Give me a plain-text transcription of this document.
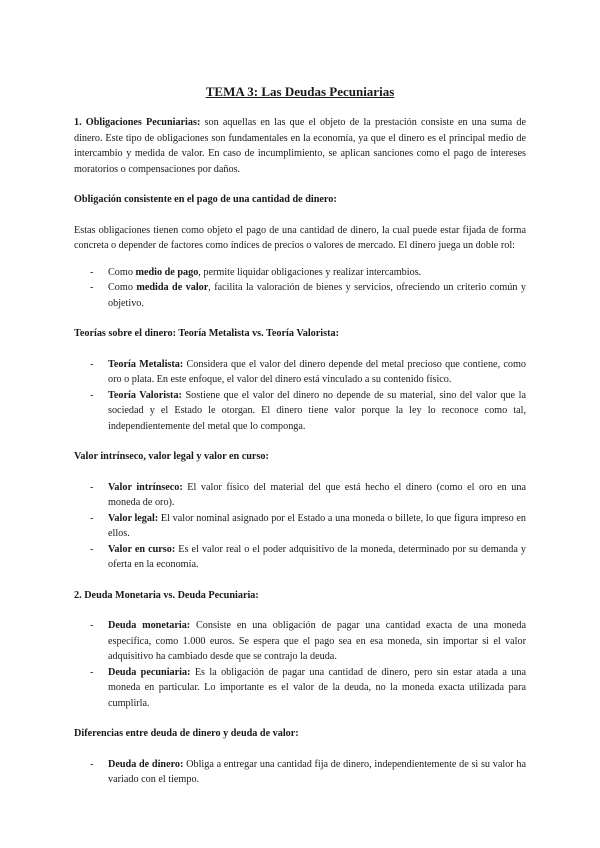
TEMA 3: Las Deudas Pecuniarias

1. Obligaciones Pecuniarias: son aquellas en las que el objeto de la prestación consiste en una suma de dinero. Este tipo de obligaciones son fundamentales en la economía, ya que el dinero es el principal medio de intercambio y medida de valor. En caso de incumplimiento, se aplican sanciones como el pago de intereses moratorios o compensaciones por daños.

Obligación consistente en el pago de una cantidad de dinero:

Estas obligaciones tienen como objeto el pago de una cantidad de dinero, la cual puede estar fijada de forma concreta o depender de factores como índices de precios o valores de mercado. El dinero juega un doble rol:

- Como medio de pago, permite liquidar obligaciones y realizar intercambios.
- Como medida de valor, facilita la valoración de bienes y servicios, ofreciendo un criterio común y objetivo.

Teorías sobre el dinero: Teoría Metalista vs. Teoría Valorista:

- Teoría Metalista: Considera que el valor del dinero depende del metal precioso que contiene, como oro o plata. En este enfoque, el valor del dinero está vinculado a su contenido físico.
- Teoría Valorista: Sostiene que el valor del dinero no depende de su material, sino del valor que la sociedad y el Estado le otorgan. El dinero tiene valor porque la ley lo reconoce como tal, independientemente del metal que lo componga.

Valor intrínseco, valor legal y valor en curso:

- Valor intrínseco: El valor físico del material del que está hecho el dinero (como el oro en una moneda de oro).
- Valor legal: El valor nominal asignado por el Estado a una moneda o billete, lo que figura impreso en ellos.
- Valor en curso: Es el valor real o el poder adquisitivo de la moneda, determinado por su demanda y oferta en la economía.

2. Deuda Monetaria vs. Deuda Pecuniaria:

- Deuda monetaria: Consiste en una obligación de pagar una cantidad exacta de una moneda específica, como 1.000 euros. Se espera que el pago sea en esa moneda, sin importar si el valor adquisitivo ha cambiado desde que se contrajo la deuda.
- Deuda pecuniaria: Es la obligación de pagar una cantidad de dinero, pero sin estar atada a una moneda en particular. Lo importante es el valor de la deuda, no la moneda exacta utilizada para cumplirla.

Diferencias entre deuda de dinero y deuda de valor:

- Deuda de dinero: Obliga a entregar una cantidad fija de dinero, independientemente de si su valor ha variado con el tiempo.
